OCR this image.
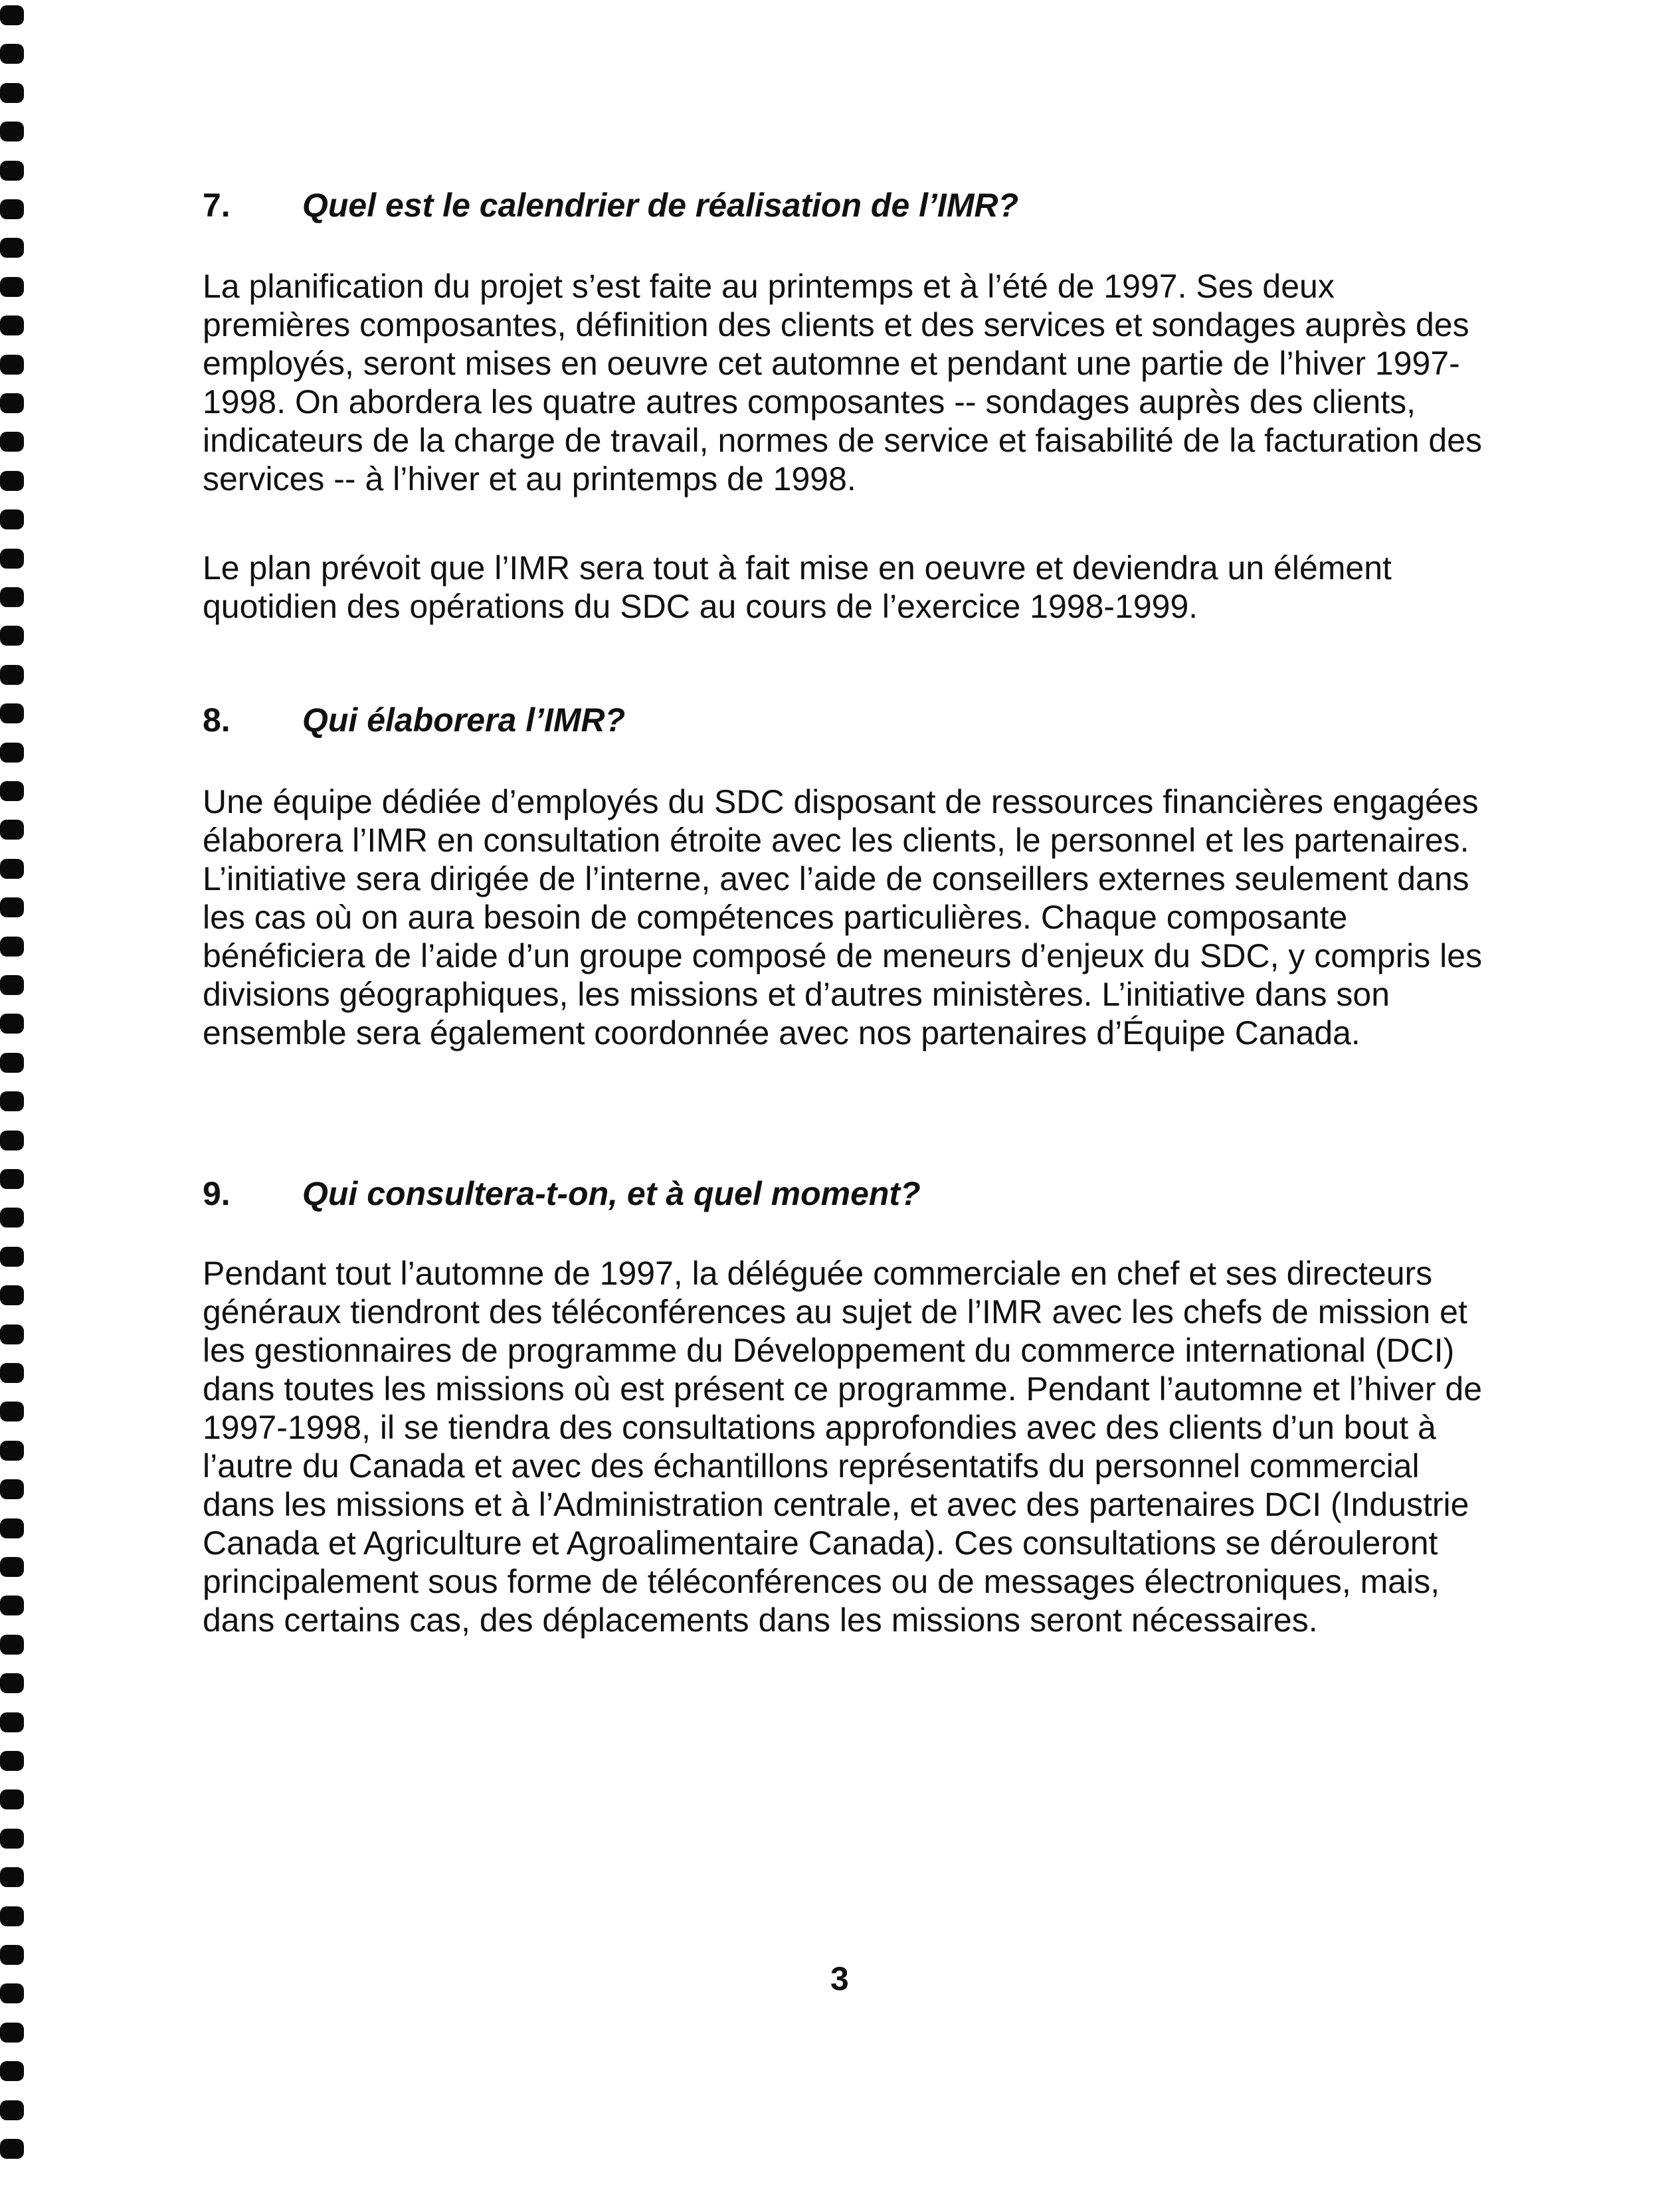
7. Quel est le calendrier de réalisation de l’IMR?

La planification du projet s’est faite au printemps et à l’été de 1997. Ses deux premières composantes, définition des clients et des services et sondages auprès des employés, seront mises en oeuvre cet automne et pendant une partie de l’hiver 1997-1998. On abordera les quatre autres composantes -- sondages auprès des clients, indicateurs de la charge de travail, normes de service et faisabilité de la facturation des services -- à l’hiver et au printemps de 1998.

Le plan prévoit que l’IMR sera tout à fait mise en oeuvre et deviendra un élément quotidien des opérations du SDC au cours de l’exercice 1998-1999.

8. Qui élaborera l’IMR?

Une équipe dédiée d’employés du SDC disposant de ressources financières engagées élaborera l’IMR en consultation étroite avec les clients, le personnel et les partenaires. L’initiative sera dirigée de l’interne, avec l’aide de conseillers externes seulement dans les cas où on aura besoin de compétences particulières. Chaque composante bénéficiera de l’aide d’un groupe composé de meneurs d’enjeux du SDC, y compris les divisions géographiques, les missions et d’autres ministères. L’initiative dans son ensemble sera également coordonnée avec nos partenaires d’Équipe Canada.

9. Qui consultera-t-on, et à quel moment?

Pendant tout l’automne de 1997, la déléguée commerciale en chef et ses directeurs généraux tiendront des téléconférences au sujet de l’IMR avec les chefs de mission et les gestionnaires de programme du Développement du commerce international (DCI) dans toutes les missions où est présent ce programme. Pendant l’automne et l’hiver de 1997-1998, il se tiendra des consultations approfondies avec des clients d’un bout à l’autre du Canada et avec des échantillons représentatifs du personnel commercial dans les missions et à l’Administration centrale, et avec des partenaires DCI (Industrie Canada et Agriculture et Agroalimentaire Canada). Ces consultations se dérouleront principalement sous forme de téléconférences ou de messages électroniques, mais, dans certains cas, des déplacements dans les missions seront nécessaires.

3
